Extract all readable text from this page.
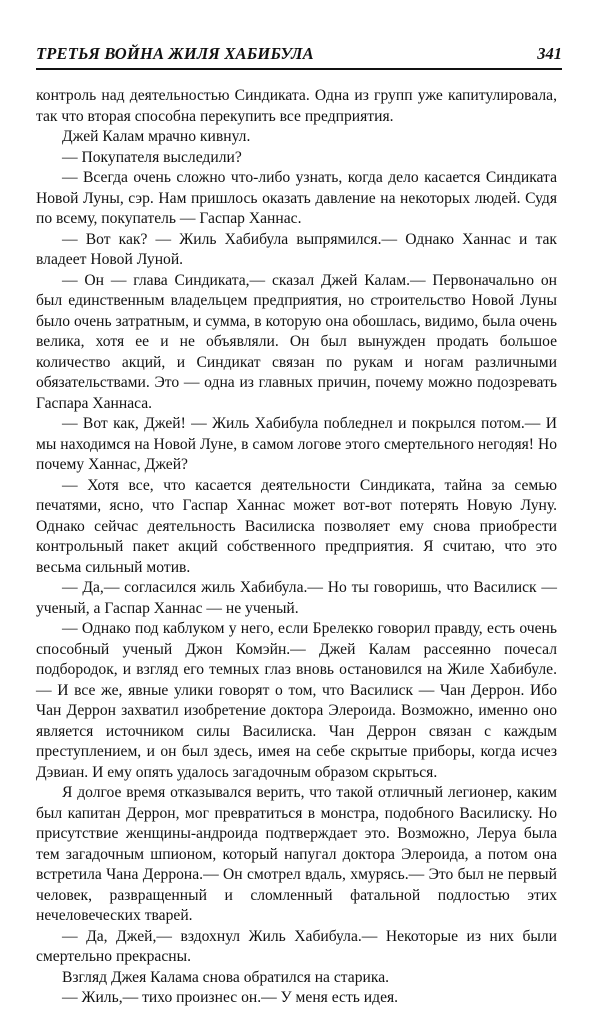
ТРЕТЬЯ ВОЙНА ЖИЛЯ ХАБИБУЛА	341

контроль над деятельностью Синдиката. Одна из групп уже капитулировала, так что вторая способна перекупить все предприятия.

Джей Калам мрачно кивнул.

— Покупателя выследили?

— Всегда очень сложно что-либо узнать, когда дело касается Синдиката Новой Луны, сэр. Нам пришлось оказать давление на некоторых людей. Судя по всему, покупатель — Гаспар Ханнас.

— Вот как? — Жиль Хабибула выпрямился.— Однако Ханнас и так владеет Новой Луной.

— Он — глава Синдиката,— сказал Джей Калам.— Первоначально он был единственным владельцем предприятия, но строительство Новой Луны было очень затратным, и сумма, в которую она обошлась, видимо, была очень велика, хотя ее и не объявляли. Он был вынужден продать большое количество акций, и Синдикат связан по рукам и ногам различными обязательствами. Это — одна из главных причин, почему можно подозревать Гаспара Ханнаса.

— Вот как, Джей! — Жиль Хабибула побледнел и покрылся потом.— И мы находимся на Новой Луне, в самом логове этого смертельного негодяя! Но почему Ханнас, Джей?

— Хотя все, что касается деятельности Синдиката, тайна за семью печатями, ясно, что Гаспар Ханнас может вот-вот потерять Новую Луну. Однако сейчас деятельность Василиска позволяет ему снова приобрести контрольный пакет акций собственного предприятия. Я считаю, что это весьма сильный мотив.

— Да,— согласился жиль Хабибула.— Но ты говоришь, что Василиск — ученый, а Гаспар Ханнас — не ученый.

— Однако под каблуком у него, если Брелекко говорил правду, есть очень способный ученый Джон Комэйн.— Джей Калам рассеянно почесал подбородок, и взгляд его темных глаз вновь остановился на Жиле Хабибуле.— И все же, явные улики говорят о том, что Василиск — Чан Деррон. Ибо Чан Деррон захватил изобретение доктора Элероида. Возможно, именно оно является источником силы Василиска. Чан Деррон связан с каждым преступлением, и он был здесь, имея на себе скрытые приборы, когда исчез Дэвиан. И ему опять удалось загадочным образом скрыться.

Я долгое время отказывался верить, что такой отличный легионер, каким был капитан Деррон, мог превратиться в монстра, подобного Василиску. Но присутствие женщины-андроида подтверждает это. Возможно, Леруа была тем загадочным шпионом, который напугал доктора Элероида, а потом она встретила Чана Деррона.— Он смотрел вдаль, хмурясь.— Это был не первый человек, развращенный и сломленный фатальной подлостью этих нечеловеческих тварей.

— Да, Джей,— вздохнул Жиль Хабибула.— Некоторые из них были смертельно прекрасны.

Взгляд Джея Калама снова обратился на старика.

— Жиль,— тихо произнес он.— У меня есть идея.
